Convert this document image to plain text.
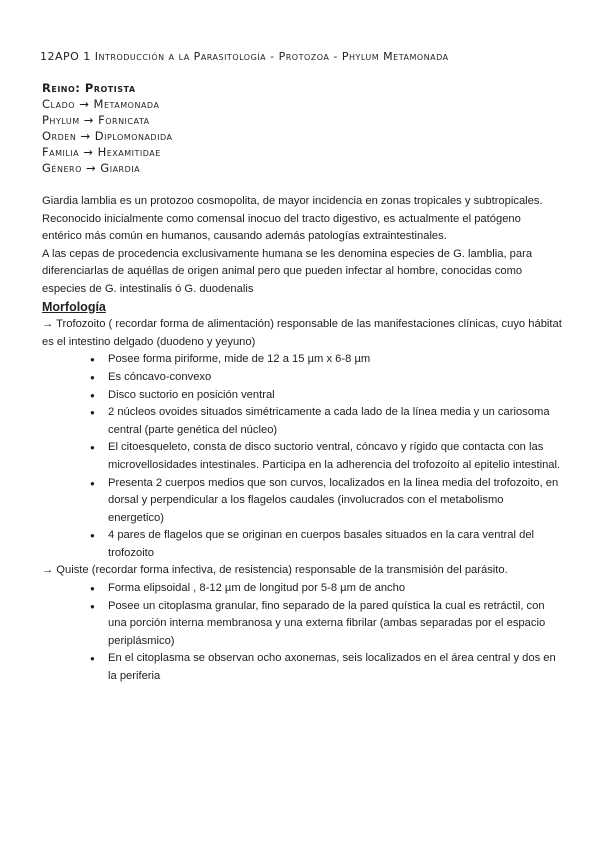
12APO 1 Introducción a la Parasitología - Protozoa - Phylum Metamonada
Reino: Protista
Clado → Metamonada
Phylum → Fornicata
Orden → Diplomonadida
Familia → Hexamitidae
Género → Giardia

Giardia lamblia es un protozoo cosmopolita, de mayor incidencia en zonas tropicales y subtropicales. Reconocido inicialmente como comensal inocuo del tracto digestivo, es actualmente el patógeno entérico más común en humanos, causando además patologías extraintestinales.

A las cepas de procedencia exclusivamente humana se les denomina especies de G. lamblia, para diferenciarlas de aquéllas de origen animal pero que pueden infectar al hombre, conocidas como especies de G. intestinalis ó G. duodenalis

Morfología

→ Trofozoito ( recordar forma de alimentación) responsable de las manifestaciones clínicas, cuyo hábitat es el intestino delgado (duodeno y yeyuno)

● Posee forma piriforme, mide de 12 a 15 µm x 6-8 µm
● Es cóncavo-convexo
● Disco suctorio en posición ventral
● 2 núcleos ovoides situados simétricamente a cada lado de la línea media y un cariosoma central (parte genética del núcleo)
● El citoesqueleto, consta de disco suctorio ventral, cóncavo y rígido que contacta con las microvellosidades intestinales. Participa en la adherencia del trofozoíto al epitelio intestinal.
● Presenta 2 cuerpos medios que son curvos, localizados en la linea media del trofozoito, en dorsal y perpendicular a los flagelos caudales (involucrados con el metabolismo energetico)
● 4 pares de flagelos que se originan en cuerpos basales situados en la cara ventral del trofozoito

→ Quiste (recordar forma infectiva, de resistencia) responsable de la transmisión del parásito.

● Forma elipsoidal , 8-12 µm de longitud por 5-8 µm de ancho
● Posee un citoplasma granular, fino separado de la pared quística la cual es retráctil, con una porción interna membranosa y una externa fibrilar (ambas separadas por el espacio periplásmico)
● En el citoplasma se observan ocho axonemas, seis localizados en el área central y dos en la periferia
